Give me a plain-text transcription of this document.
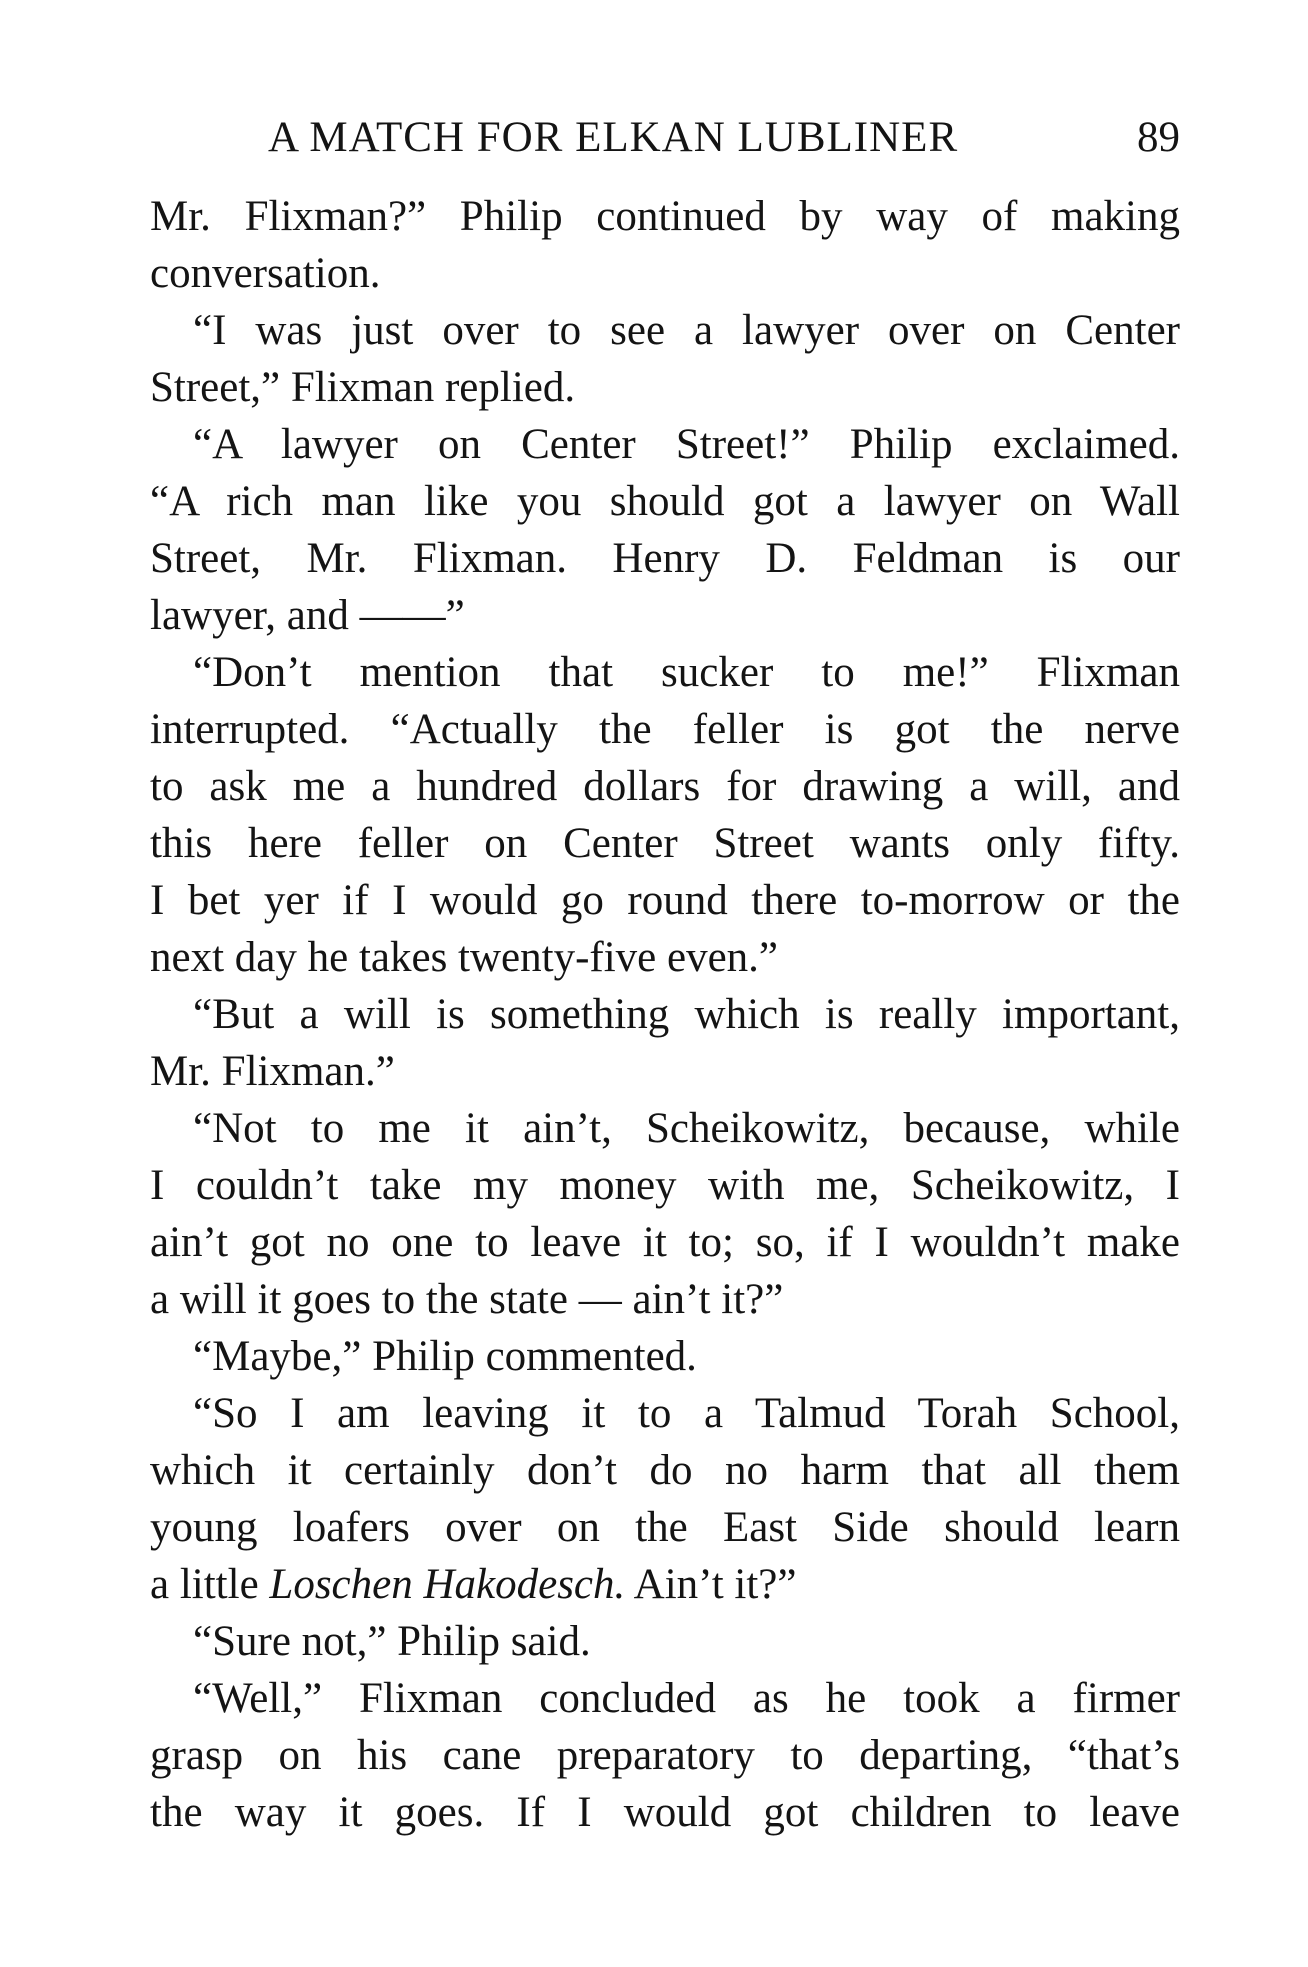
A MATCH FOR ELKAN LUBLINER	89
Mr. Flixman?” Philip continued by way of making
conversation.
“I was just over to see a lawyer over on Center
Street,” Flixman replied.
“A lawyer on Center Street!” Philip exclaimed.
“A rich man like you should got a lawyer on Wall
Street, Mr. Flixman. Henry D. Feldman is our
lawyer, and ——”
“Don’t mention that sucker to me!” Flixman
interrupted. “Actually the feller is got the nerve
to ask me a hundred dollars for drawing a will, and
this here feller on Center Street wants only fifty.
I bet yer if I would go round there to-morrow or the
next day he takes twenty-five even.”
“But a will is something which is really important,
Mr. Flixman.”
“Not to me it ain’t, Scheikowitz, because, while
I couldn’t take my money with me, Scheikowitz, I
ain’t got no one to leave it to; so, if I wouldn’t make
a will it goes to the state — ain’t it?”
“Maybe,” Philip commented.
“So I am leaving it to a Talmud Torah School,
which it certainly don’t do no harm that all them
young loafers over on the East Side should learn
a little Loschen Hakodesch. Ain’t it?”
“Sure not,” Philip said.
“Well,” Flixman concluded as he took a firmer
grasp on his cane preparatory to departing, “that’s
the way it goes. If I would got children to leave
